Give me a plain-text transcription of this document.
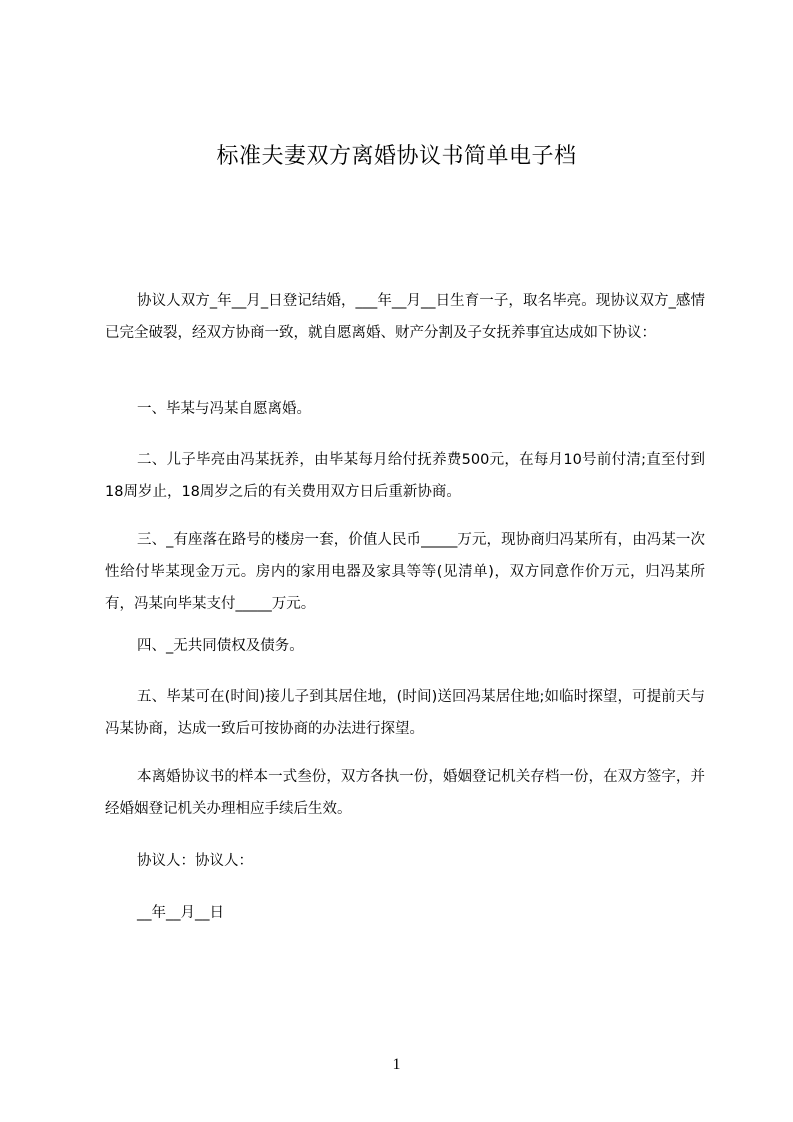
标准夫妻双方离婚协议书简单电子档

协议人双方_年__月_日登记结婚，___年__月__日生育一子，取名毕亮。现协议双方_感情已完全破裂，经双方协商一致，就自愿离婚、财产分割及子女抚养事宜达成如下协议：

一、毕某与冯某自愿离婚。

二、儿子毕亮由冯某抚养，由毕某每月给付抚养费500元，在每月10号前付清;直至付到18周岁止，18周岁之后的有关费用双方日后重新协商。

三、_有座落在路号的楼房一套，价值人民币_____万元，现协商归冯某所有，由冯某一次性给付毕某现金万元。房内的家用电器及家具等等(见清单)，双方同意作价万元，归冯某所有，冯某向毕某支付_____万元。

四、_无共同债权及债务。

五、毕某可在(时间)接儿子到其居住地，(时间)送回冯某居住地;如临时探望，可提前天与冯某协商，达成一致后可按协商的办法进行探望。

本离婚协议书的样本一式叁份，双方各执一份，婚姻登记机关存档一份，在双方签字，并经婚姻登记机关办理相应手续后生效。

协议人：协议人：

__年__月__日

1
